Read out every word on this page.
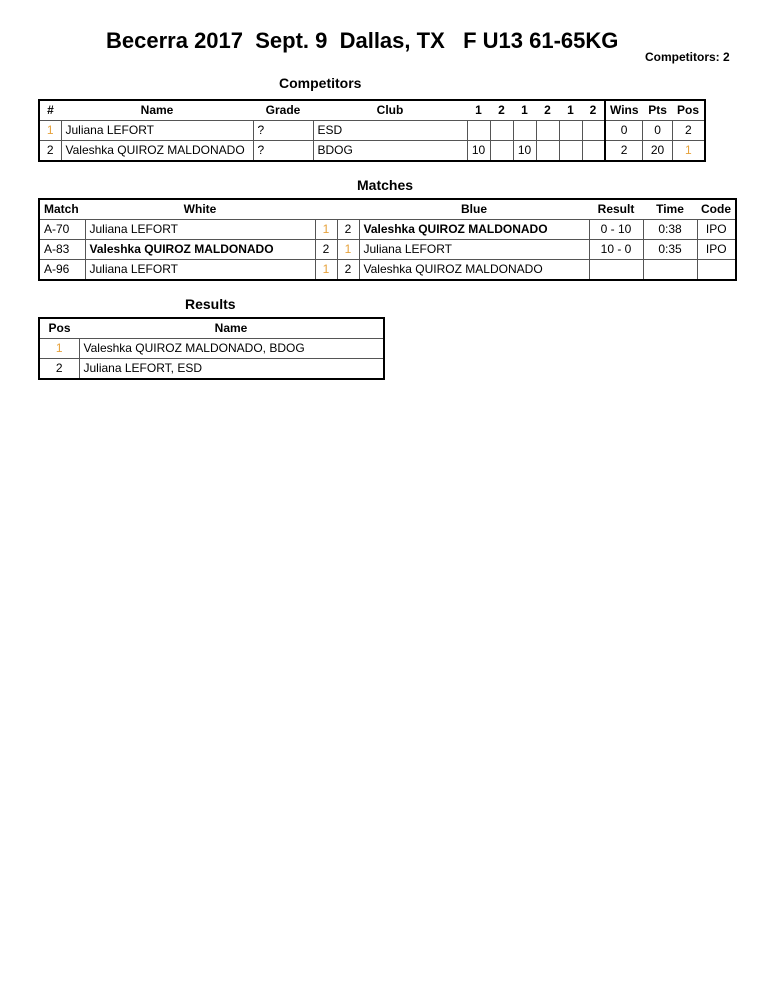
Becerra 2017  Sept. 9  Dallas, TX   F U13 61-65KG
Competitors: 2
Competitors
#	Name	Grade	Club	1	2	1	2	1	2	Wins	Pts	Pos
1	Juliana LEFORT	?	ESD							0	0	2
2	Valeshka QUIROZ MALDONADO	?	BDOG	10		10				2	20	1
Matches
Match	White			Blue	Result	Time	Code
A-70	Juliana LEFORT	1	2	Valeshka QUIROZ MALDONADO	0 - 10	0:38	IPO
A-83	Valeshka QUIROZ MALDONADO	2	1	Juliana LEFORT	10 - 0	0:35	IPO
A-96	Juliana LEFORT	1	2	Valeshka QUIROZ MALDONADO			
Results
Pos	Name
1	Valeshka QUIROZ MALDONADO, BDOG
2	Juliana LEFORT, ESD
